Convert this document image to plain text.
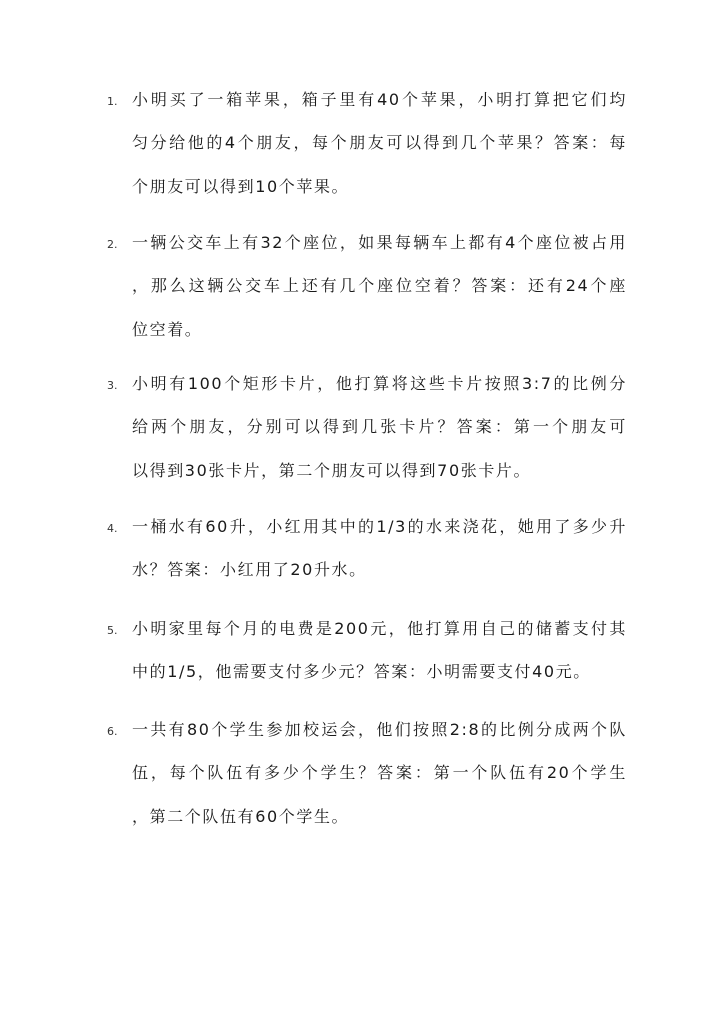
1. 小明买了一箱苹果，箱子里有40个苹果，小明打算把它们均
匀分给他的4个朋友，每个朋友可以得到几个苹果？答案：每
个朋友可以得到10个苹果。
2. 一辆公交车上有32个座位，如果每辆车上都有4个座位被占用
，那么这辆公交车上还有几个座位空着？答案：还有24个座
位空着。
3. 小明有100个矩形卡片，他打算将这些卡片按照3:7的比例分
给两个朋友，分别可以得到几张卡片？答案：第一个朋友可
以得到30张卡片，第二个朋友可以得到70张卡片。
4. 一桶水有60升，小红用其中的1/3的水来浇花，她用了多少升
水？答案：小红用了20升水。
5. 小明家里每个月的电费是200元，他打算用自己的储蓄支付其
中的1/5，他需要支付多少元？答案：小明需要支付40元。
6. 一共有80个学生参加校运会，他们按照2:8的比例分成两个队
伍，每个队伍有多少个学生？答案：第一个队伍有20个学生
，第二个队伍有60个学生。
